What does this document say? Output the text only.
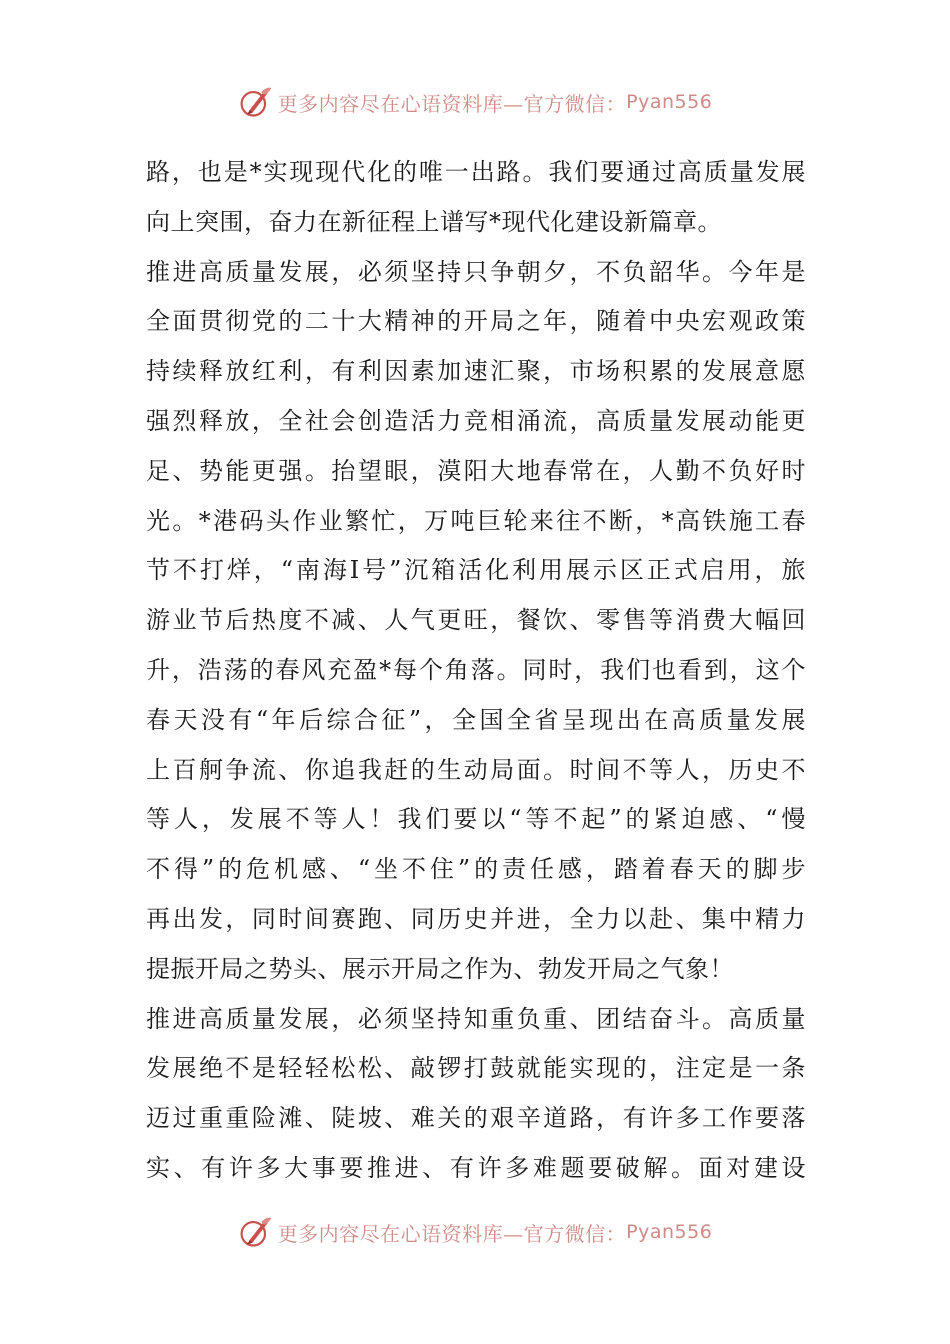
更多内容尽在心语资料库—官方微信： Pyan556
路，也是*实现现代化的唯一出路。我们要通过高质量发展
向上突围，奋力在新征程上谱写*现代化建设新篇章。
推进高质量发展，必须坚持只争朝夕，不负韶华。今年是
全面贯彻党的二十大精神的开局之年，随着中央宏观政策
持续释放红利，有利因素加速汇聚，市场积累的发展意愿
强烈释放，全社会创造活力竞相涌流，高质量发展动能更
足、势能更强。抬望眼，漠阳大地春常在，人勤不负好时
光。*港码头作业繁忙，万吨巨轮来往不断，*高铁施工春
节不打烊，“南海Ⅰ号”沉箱活化利用展示区正式启用，旅
游业节后热度不减、人气更旺，餐饮、零售等消费大幅回
升，浩荡的春风充盈*每个角落。同时，我们也看到，这个
春天没有“年后综合征”，全国全省呈现出在高质量发展
上百舸争流、你追我赶的生动局面。时间不等人，历史不
等人，发展不等人！我们要以“等不起”的紧迫感、“慢
不得”的危机感、“坐不住”的责任感，踏着春天的脚步
再出发，同时间赛跑、同历史并进，全力以赴、集中精力
提振开局之势头、展示开局之作为、勃发开局之气象！
推进高质量发展，必须坚持知重负重、团结奋斗。高质量
发展绝不是轻轻松松、敲锣打鼓就能实现的，注定是一条
迈过重重险滩、陡坡、难关的艰辛道路，有许多工作要落
实、有许多大事要推进、有许多难题要破解。面对建设
更多内容尽在心语资料库—官方微信： Pyan556
